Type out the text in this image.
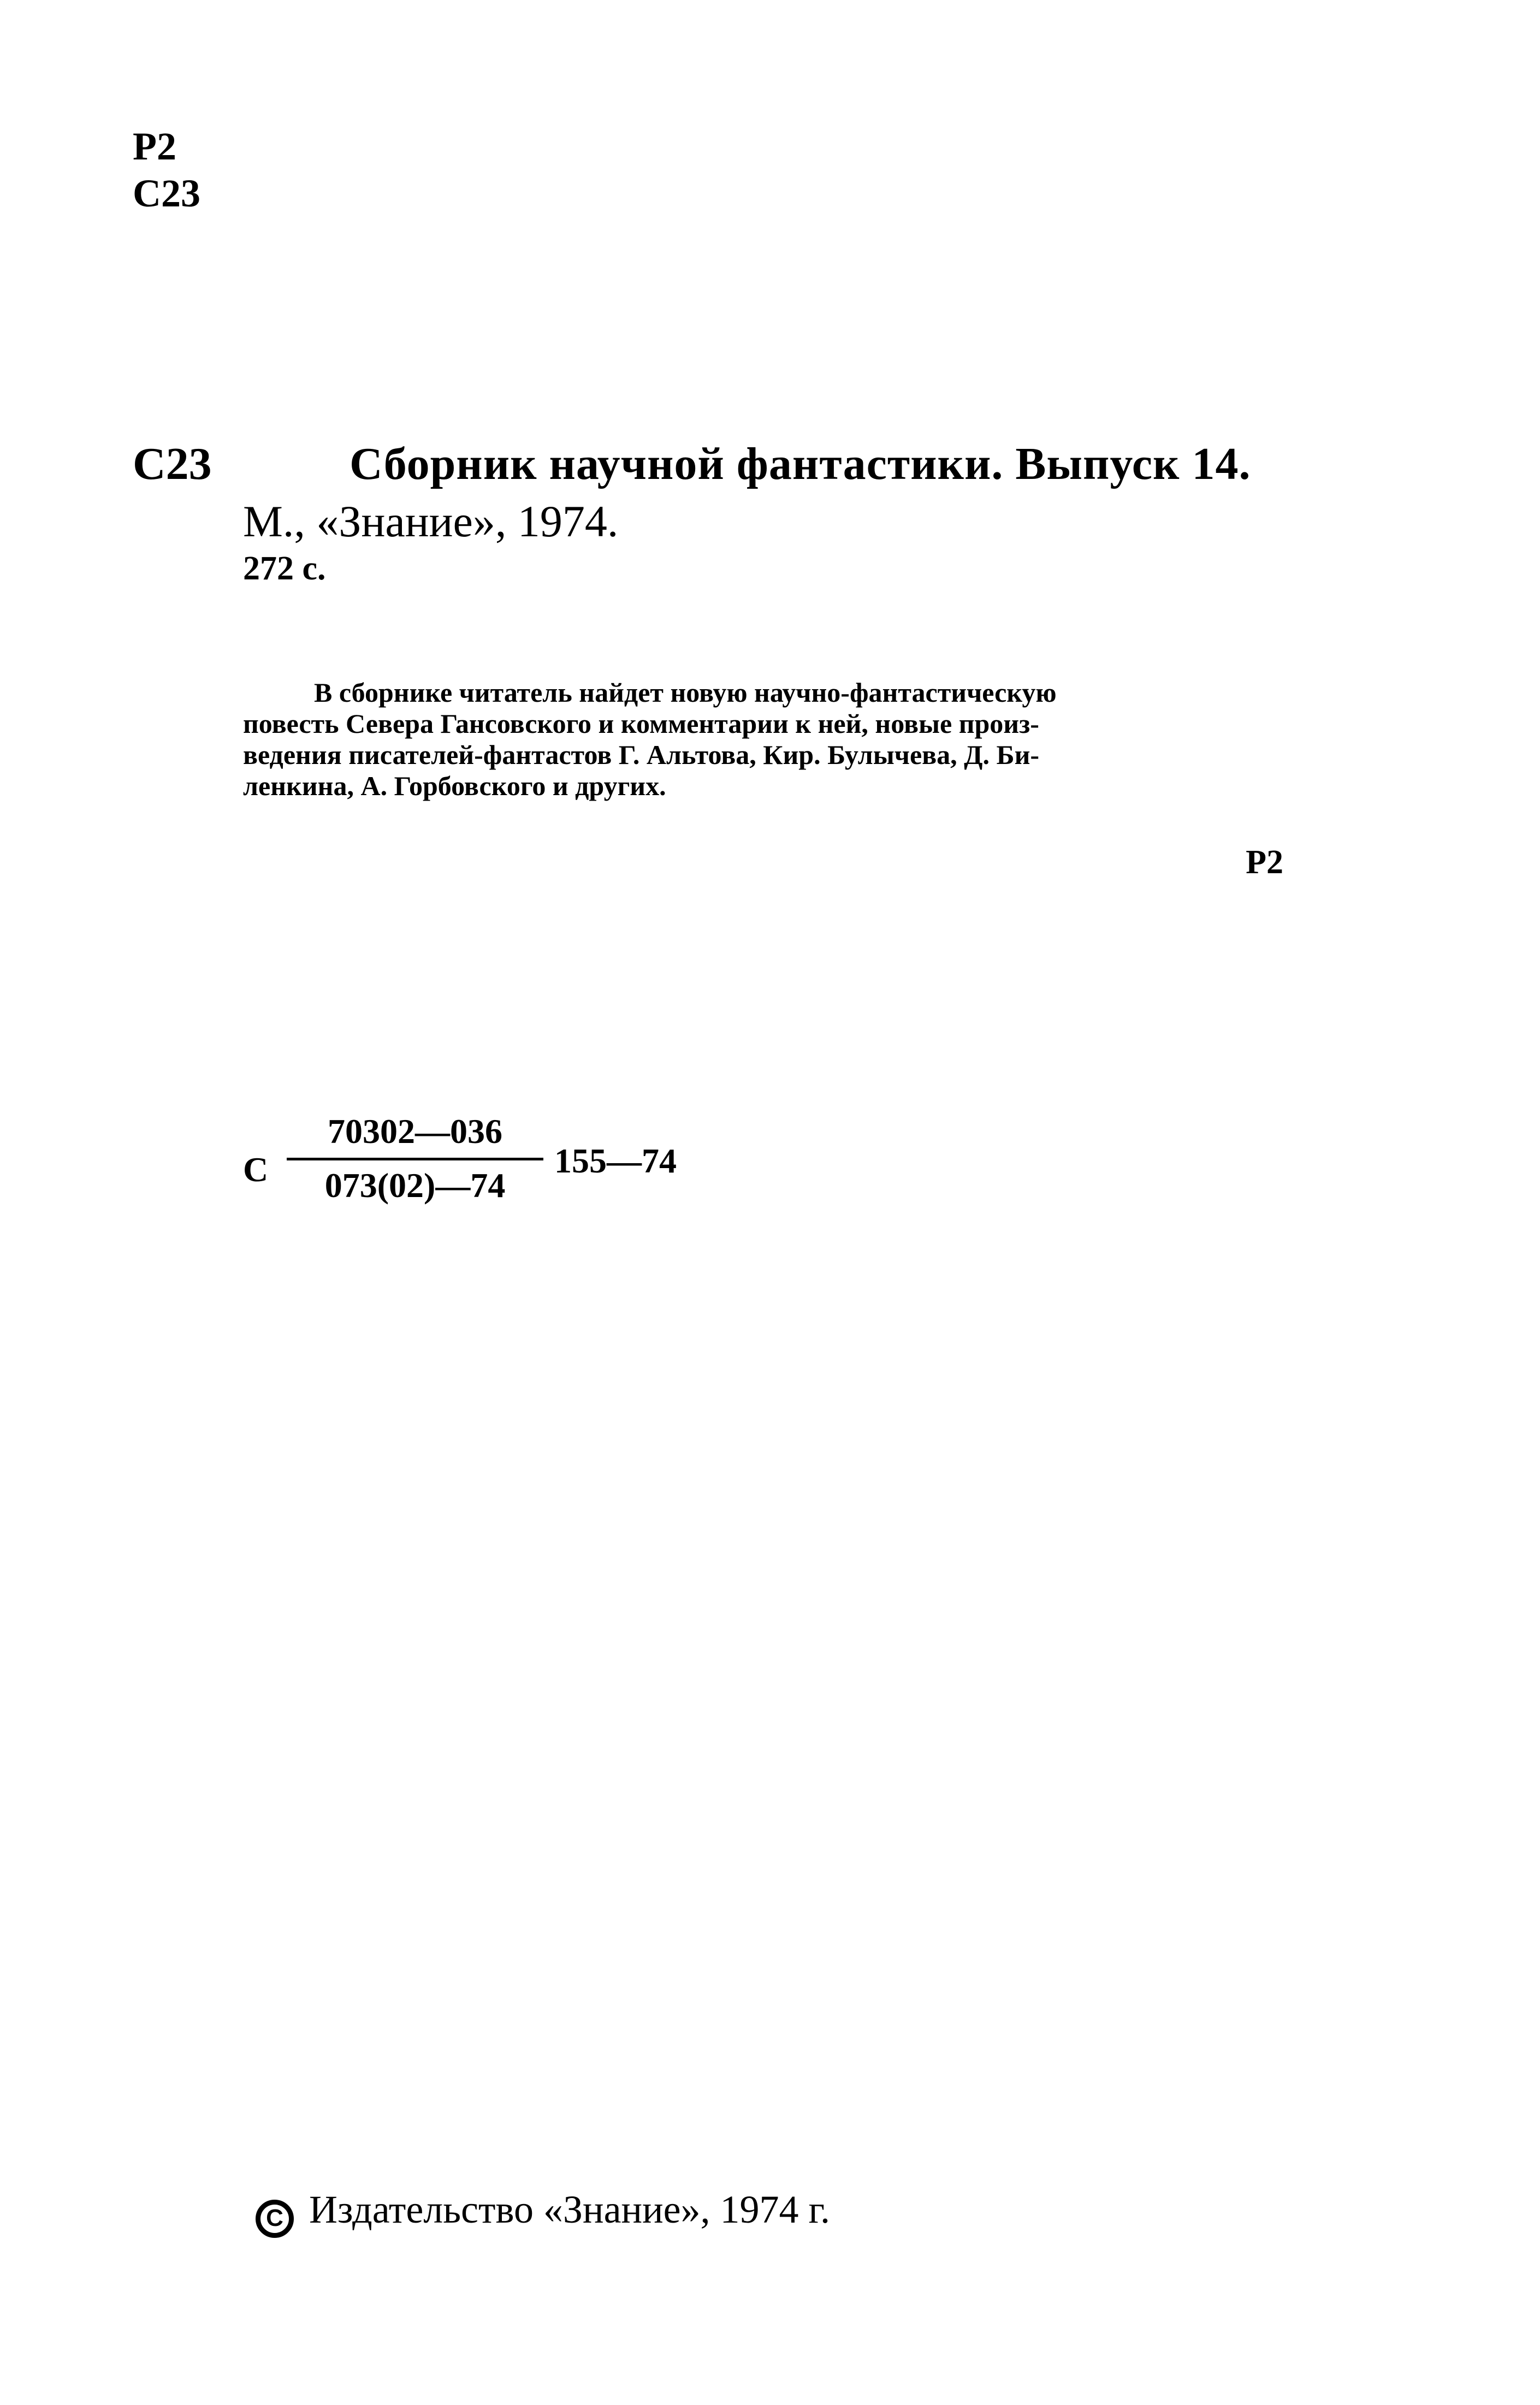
Р2
С23
С23	Сборник научной фантастики. Выпуск 14.
М., «Знание», 1974.
272 с.
В сборнике читатель найдет новую научно-фантастическую
повесть Севера Гансовского и комментарии к ней, новые произ-
ведения писателей-фантастов Г. Альтова, Кир. Булычева, Д. Би-
ленкина, А. Горбовского и других.
Р2
С
70302—036
073(02)—74
155—74
С Издательство «Знание», 1974 г.
